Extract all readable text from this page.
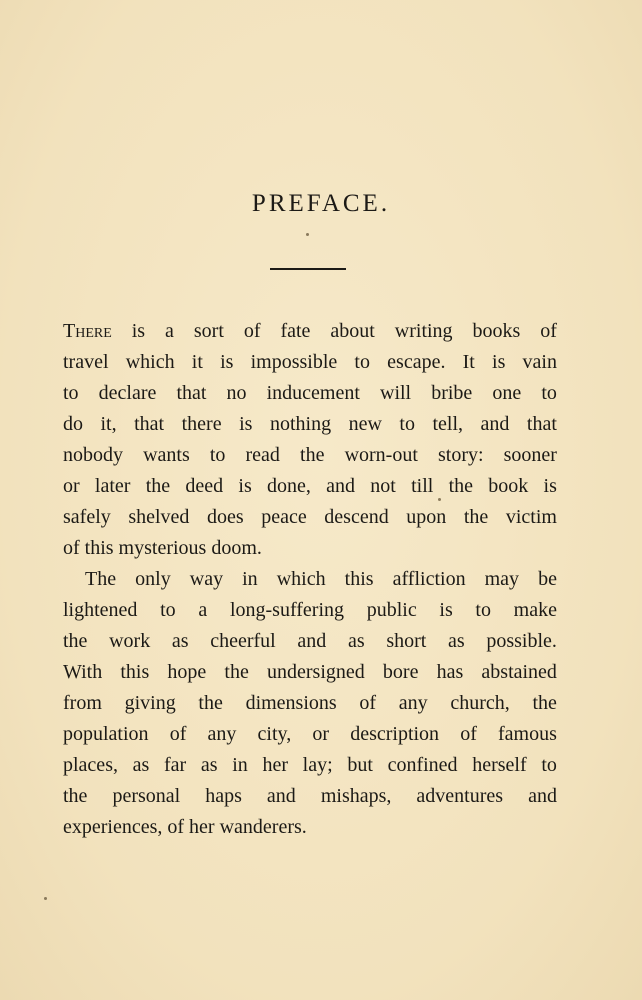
PREFACE.
There is a sort of fate about writing books of
travel which it is impossible to escape. It is vain
to declare that no inducement will bribe one to
do it, that there is nothing new to tell, and that
nobody wants to read the worn-out story: sooner
or later the deed is done, and not till the book is
safely shelved does peace descend upon the victim
of this mysterious doom.
The only way in which this affliction may be
lightened to a long-suffering public is to make
the work as cheerful and as short as possible.
With this hope the undersigned bore has abstained
from giving the dimensions of any church, the
population of any city, or description of famous
places, as far as in her lay; but confined herself to
the personal haps and mishaps, adventures and
experiences, of her wanderers.
